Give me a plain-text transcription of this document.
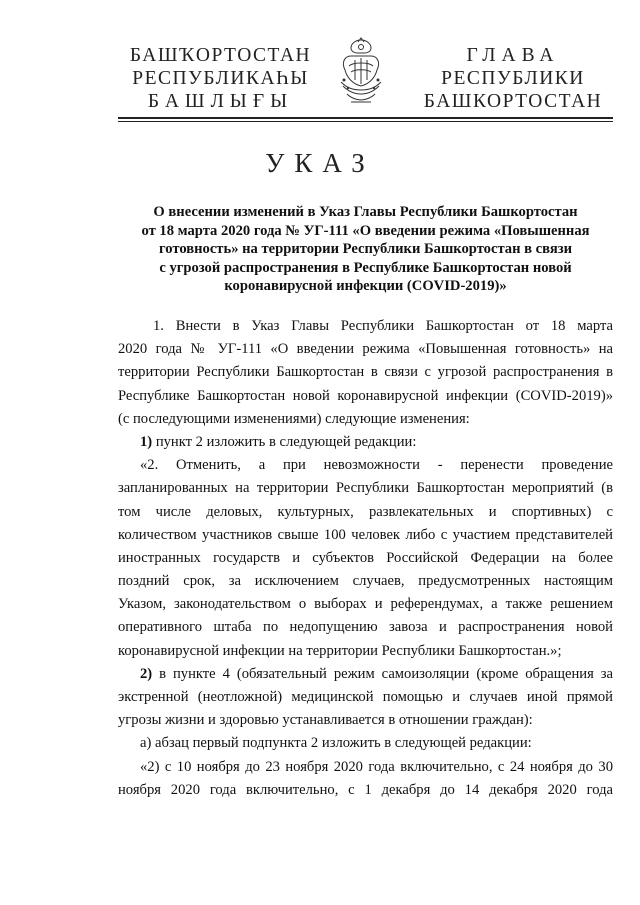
БАШҠОРТОСТАН
РЕСПУБЛИКАҺЫ
БАШЛЫҒЫ
ГЛАВА
РЕСПУБЛИКИ
БАШКОРТОСТАН
УКАЗ
О внесении изменений в Указ Главы Республики Башкортостан
от 18 марта 2020 года № УГ-111 «О введении режима «Повышенная
готовность» на территории Республики Башкортостан в связи
с угрозой распространения в Республике Башкортостан новой
коронавирусной инфекции (COVID-2019)»
1. Внести в Указ Главы Республики Башкортостан от 18 марта
2020 года № УГ-111 «О введении режима «Повышенная готовность» на
территории Республики Башкортостан в связи с угрозой распространения в
Республике Башкортостан новой коронавирусной инфекции (COVID-2019)»
(с последующими изменениями) следующие изменения:
1) пункт 2 изложить в следующей редакции:
«2. Отменить, а при невозможности - перенести проведение
запланированных на территории Республики Башкортостан мероприятий (в
том числе деловых, культурных, развлекательных и спортивных) с
количеством участников свыше 100 человек либо с участием представителей
иностранных государств и субъектов Российской Федерации на более
поздний срок, за исключением случаев, предусмотренных настоящим
Указом, законодательством о выборах и референдумах, а также решением
оперативного штаба по недопущению завоза и распространения новой
коронавирусной инфекции на территории Республики Башкортостан.»;
2) в пункте 4 (обязательный режим самоизоляции (кроме обращения за
экстренной (неотложной) медицинской помощью и случаев иной прямой
угрозы жизни и здоровью устанавливается в отношении граждан):
а) абзац первый подпункта 2 изложить в следующей редакции:
«2) с 10 ноября до 23 ноября 2020 года включительно, с 24 ноября до 30
ноября 2020 года включительно, с 1 декабря до 14 декабря 2020 года
